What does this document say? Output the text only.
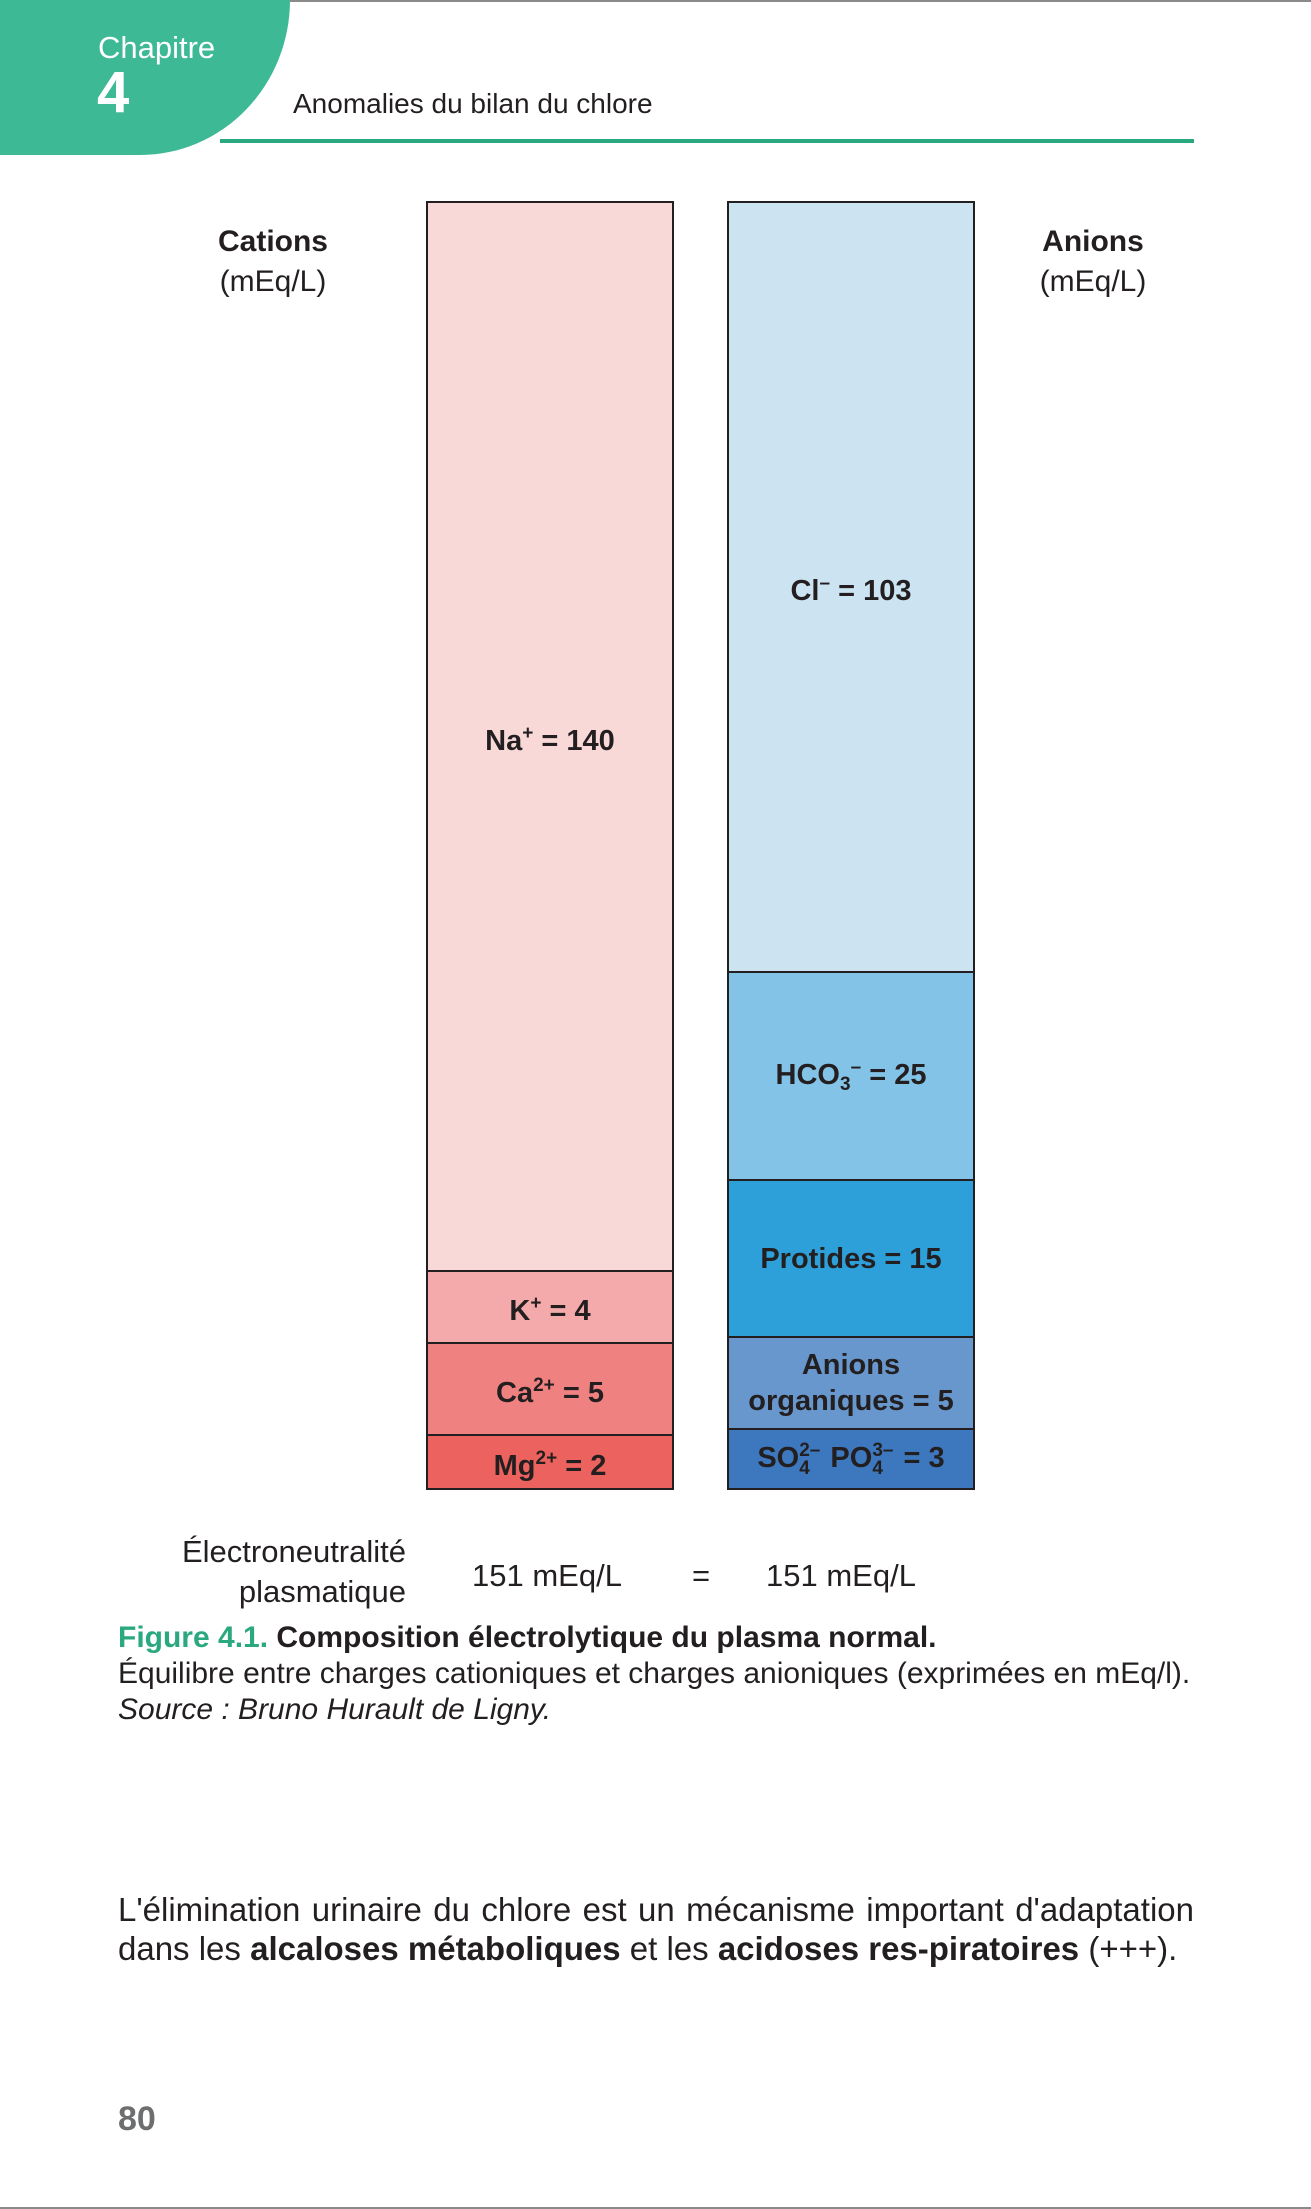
Chapitre
4	Anomalies du bilan du chlore
Cations
(mEq/L)
Anions
(mEq/L)
Na+ = 140
K+ = 4
$Ca^{2+} = 5$
$Mg^{2+} = 2$
Cl– = 103
$HCO_3^- = 25$
Protides = 15
Anions
organiques = 5
SO 2–
4 PO 3–
4 = 3
Électroneutralité
plasmatique 151 mEq/L = 151 mEq/L
Figure 4.1. Composition électrolytique du plasma normal.
Équilibre entre charges cationiques et charges anioniques (exprimées en mEq/l).
Source : Bruno Hurault de Ligny.
L'élimination urinaire du chlore est un mécanisme important d'adaptation dans les alcaloses métaboliques et les acidoses res-piratoires (+++).
80
